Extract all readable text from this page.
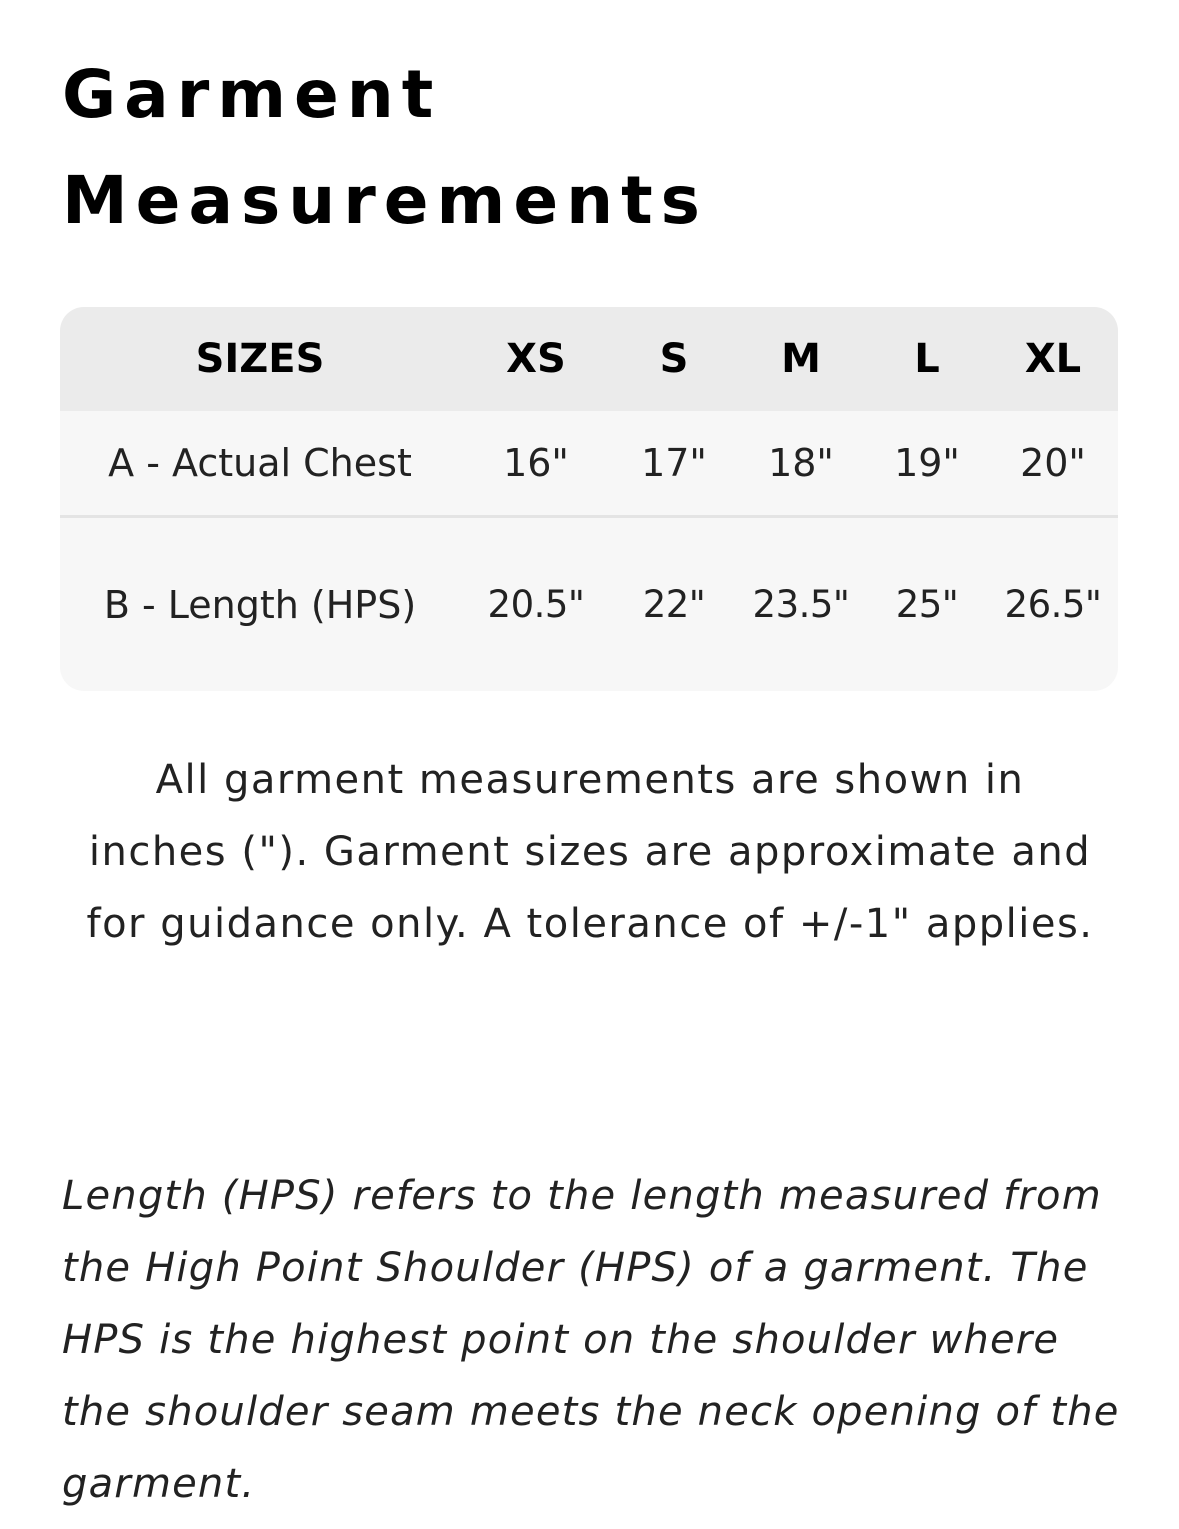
Garment
Measurements
SIZES	XS	S	M	L	XL
A - Actual Chest	16"	17"	18"	19"	20"
B - Length (HPS)	20.5"	22"	23.5"	25"	26.5"

All garment measurements are shown in inches ("). Garment sizes are approximate and for guidance only. A tolerance of +/-1" applies.

Length (HPS) refers to the length measured from the High Point Shoulder (HPS) of a garment. The HPS is the highest point on the shoulder where the shoulder seam meets the neck opening of the garment.
